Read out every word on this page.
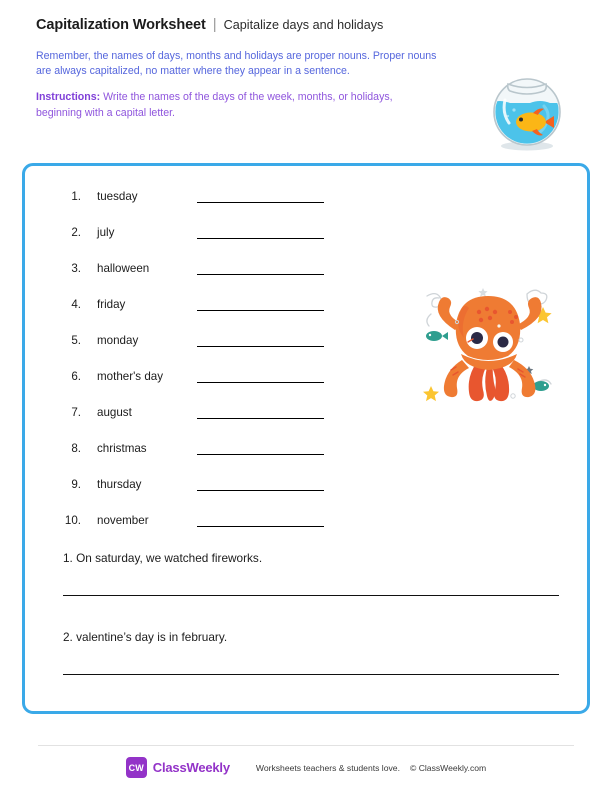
Capitalization Worksheet | Capitalize days and holidays
Remember, the names of days, months and holidays are proper nouns. Proper nouns are always capitalized, no matter where they appear in a sentence.
Instructions: Write the names of the days of the week, months, or holidays, beginning with a capital letter.
1.	tuesday
2.	july
3.	halloween
4.	friday
5.	monday
6.	mother's day
7.	august
8.	christmas
9.	thursday
10.	november
1. On saturday, we watched fireworks.
2. valentine’s day is in february.
CW ClassWeekly	Worksheets teachers & students love. © ClassWeekly.com
